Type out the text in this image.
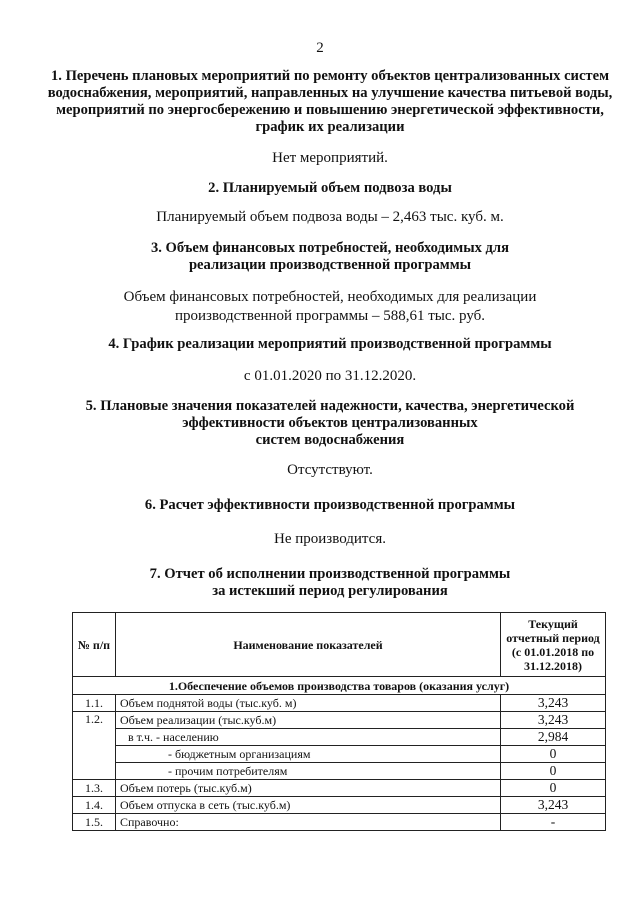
2
1. Перечень плановых мероприятий по ремонту объектов централизованных систем водоснабжения, мероприятий, направленных на улучшение качества питьевой воды, мероприятий по энергосбережению и повышению энергетической эффективности, график их реализации
Нет мероприятий.
2. Планируемый объем подвоза воды
Планируемый объем подвоза воды – 2,463 тыс. куб. м.
3. Объем финансовых потребностей, необходимых для
реализации производственной программы
Объем финансовых потребностей, необходимых для реализации
производственной программы – 588,61 тыс. руб.
4. График реализации мероприятий производственной программы
с 01.01.2020 по 31.12.2020.
5. Плановые значения показателей надежности, качества, энергетической
эффективности объектов централизованных
систем водоснабжения
Отсутствуют.
6. Расчет эффективности производственной программы
Не производится.
7. Отчет об исполнении производственной программы
за истекший период регулирования
№ п/п	Наименование показателей	Текущий отчетный период (с 01.01.2018 по 31.12.2018)
1.Обеспечение объемов производства товаров (оказания услуг)		
1.1.	Объем поднятой воды (тыс.куб. м)	3,243
1.2.	Объем реализации (тыс.куб.м)	3,243
	в т.ч. - населению	2,984
	- бюджетным организациям	0
	- прочим потребителям	0
1.3.	Объем потерь (тыс.куб.м)	0
1.4.	Объем отпуска в сеть (тыс.куб.м)	3,243
1.5.	Справочно:	-
